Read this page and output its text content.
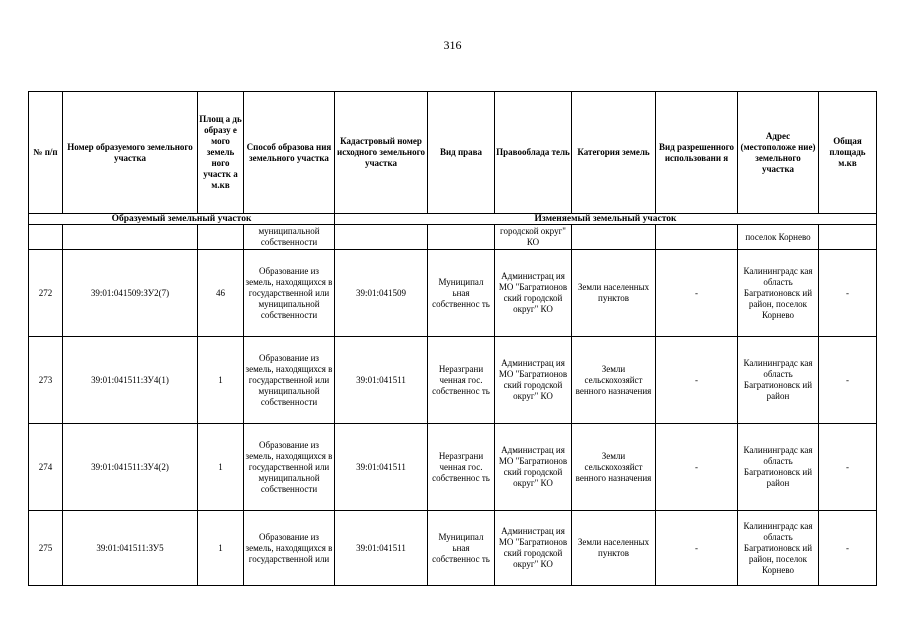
316
№ п/п	Номер образуемого земельного участка	Площ а дь образу е мого земель ного участк а м.кв	Способ образова ния земельного участка	Кадастровый номер исходного земельного участка	Вид права	Правооблада тель	Категория земель	Вид разрешенного использовани я	Адрес (местоположе ние) земельного участка	Общая площадь м.кв
Образуемый земельный участок				Изменяемый земельный участок						
			муниципальной собственности			городской округ" КО			поселок Корнево	
272	39:01:041509:ЗУ2(7)	46	Образование из земель, находящихся в государственной или муниципальной собственности	39:01:041509	Муниципал ьная собственнос ть	Администрац ия МО "Багратионов ский городской округ" КО	Земли населенных пунктов	-	Калининградс кая область Багратионовск ий район, поселок Корнево	-
273	39:01:041511:ЗУ4(1)	1	Образование из земель, находящихся в государственной или муниципальной собственности	39:01:041511	Неразграни ченная гос. собственнос ть	Администрац ия МО "Багратионов ский городской округ" КО	Земли сельскохозяйст венного назначения	-	Калининградс кая область Багратионовск ий район	-
274	39:01:041511:ЗУ4(2)	1	Образование из земель, находящихся в государственной или муниципальной собственности	39:01:041511	Неразграни ченная гос. собственнос ть	Администрац ия МО "Багратионов ский городской округ" КО	Земли сельскохозяйст венного назначения	-	Калининградс кая область Багратионовск ий район	-
275	39:01:041511:ЗУ5	1	Образование из земель, находящихся в государственной или	39:01:041511	Муниципал ьная собственнос ть	Администрац ия МО "Багратионов ский городской округ" КО	Земли населенных пунктов	-	Калининградс кая область Багратионовск ий район, поселок Корнево	-
